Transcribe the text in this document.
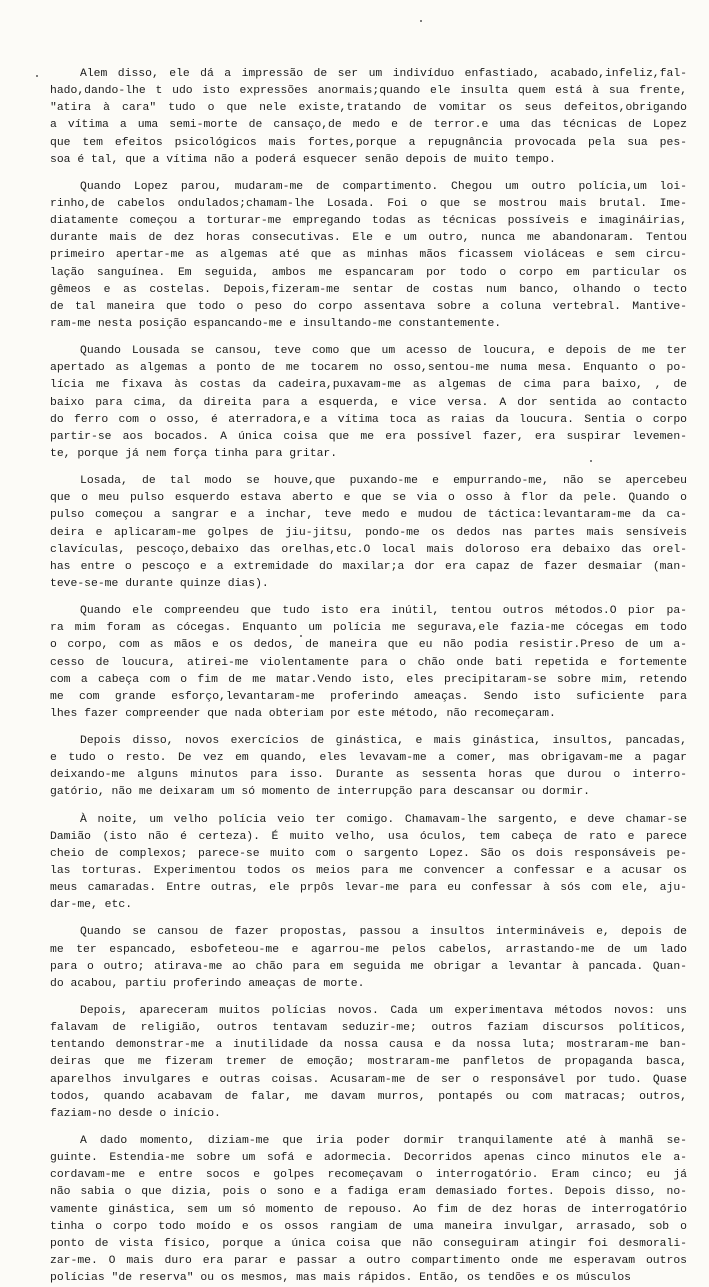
Alem disso, ele dá a impressão de ser um indivíduo enfastiado, acabado,infeliz,fal-
hado,dando-lhe t udo isto expressões anormais;quando ele insulta quem está à sua frente,
"atira à cara" tudo o que nele existe,tratando de vomitar os seus defeitos,obrigando
a vítima a uma semi-morte de cansaço,de medo e de terror.e uma das técnicas de Lopez
que tem efeitos psicológicos mais fortes,porque a repugnância provocada pela sua pes-
soa é tal, que a vítima não a poderá esquecer senão depois de muito tempo.
Quando Lopez parou, mudaram-me de compartimento. Chegou um outro polícia,um loi-
rinho,de cabelos ondulados;chamam-lhe Losada. Foi o que se mostrou mais brutal. Ime-
diatamente começou a torturar-me empregando todas as técnicas possíveis e imagináirias,
durante mais de dez horas consecutivas. Ele e um outro, nunca me abandonaram. Tentou
primeiro apertar-me as algemas até que as minhas mãos ficassem violáceas e sem circu-
lação sanguínea. Em seguida, ambos me espancaram por todo o corpo em particular os
gêmeos e as costelas. Depois,fizeram-me sentar de costas num banco, olhando o tecto
de tal maneira que todo o peso do corpo assentava sobre a coluna vertebral. Mantive-
ram-me nesta posição espancando-me e insultando-me constantemente.
Quando Lousada se cansou, teve como que um acesso de loucura, e depois de me ter
apertado as algemas a ponto de me tocarem no osso,sentou-me numa mesa. Enquanto o po-
lícia me fixava às costas da cadeira,puxavam-me as algemas de cima para baixo, , de
baixo para cima, da direita para a esquerda, e vice versa. A dor sentida ao contacto
do ferro com o osso, é aterradora,e a vítima toca as raias da loucura. Sentia o corpo
partir-se aos bocados. A única coisa que me era possível fazer, era suspirar levemen-
te, porque já nem força tinha para gritar.
Losada, de tal modo se houve,que puxando-me e empurrando-me, não se apercebeu
que o meu pulso esquerdo estava aberto e que se via o osso à flor da pele. Quando o
pulso começou a sangrar e a inchar, teve medo e mudou de táctica:levantaram-me da ca-
deira e aplicaram-me golpes de jiu-jitsu, pondo-me os dedos nas partes mais sensíveis
clavículas, pescoço,debaixo das orelhas,etc.O local mais doloroso era debaixo das orel-
has entre o pescoço e a extremidade do maxilar;a dor era capaz de fazer desmaiar (man-
teve-se-me durante quinze dias).
Quando ele compreendeu que tudo isto era inútil, tentou outros métodos.O pior pa-
ra mim foram as cócegas. Enquanto um polícia me segurava,ele fazia-me cócegas em todo
o corpo, com as mãos e os dedos, de maneira que eu não podia resistir.Preso de um a-
cesso de loucura, atirei-me violentamente para o chão onde bati repetida e fortemente
com a cabeça com o fim de me matar.Vendo isto, eles precipitaram-se sobre mim, retendo
me com grande esforço,levantaram-me proferindo ameaças. Sendo isto suficiente para
lhes fazer compreender que nada obteriam por este método, não recomeçaram.
Depois disso, novos exercícios de ginástica, e mais ginástica, insultos, pancadas,
e tudo o resto. De vez em quando, eles levavam-me a comer, mas obrigavam-me a pagar
deixando-me alguns minutos para isso. Durante as sessenta horas que durou o interro-
gatório, não me deixaram um só momento de interrupção para descansar ou dormir.
À noite, um velho polícia veio ter comigo. Chamavam-lhe sargento, e deve chamar-se
Damião (isto não é certeza). É muito velho, usa óculos, tem cabeça de rato e parece
cheio de complexos; parece-se muito com o sargento Lopez. São os dois responsáveis pe-
las torturas. Experimentou todos os meios para me convencer a confessar e a acusar os
meus camaradas. Entre outras, ele prpôs levar-me para eu confessar à sós com ele, aju-
dar-me, etc.
Quando se cansou de fazer propostas, passou a insultos intermináveis e, depois de
me ter espancado, esbofeteou-me e agarrou-me pelos cabelos, arrastando-me de um lado
para o outro; atirava-me ao chão para em seguida me obrigar a levantar à pancada. Quan-
do acabou, partiu proferindo ameaças de morte.
Depois, apareceram muitos polícias novos. Cada um experimentava métodos novos: uns
falavam de religião, outros tentavam seduzir-me; outros faziam discursos políticos,
tentando demonstrar-me a inutilidade da nossa causa e da nossa luta; mostraram-me ban-
deiras que me fizeram tremer de emoção; mostraram-me panfletos de propaganda basca,
aparelhos invulgares e outras coisas. Acusaram-me de ser o responsável por tudo. Quase
todos, quando acabavam de falar, me davam murros, pontapés ou com matracas; outros,
faziam-no desde o início.
A dado momento, diziam-me que iria poder dormir tranquilamente até à manhã se-
guinte. Estendia-me sobre um sofá e adormecia. Decorridos apenas cinco minutos ele a-
cordavam-me e entre socos e golpes recomeçavam o interrogatório. Eram cinco; eu já
não sabia o que dizia, pois o sono e a fadiga eram demasiado fortes. Depois disso, no-
vamente ginástica, sem um só momento de repouso. Ao fim de dez horas de interrogatório
tinha o corpo todo moído e os ossos rangiam de uma maneira invulgar, arrasado, sob o
ponto de vista físico, porque a única coisa que não conseguiram atingir foi desmorali-
zar-me. O mais duro era parar e passar a outro compartimento onde me esperavam outros
polícias "de reserva" ou os mesmos, mas mais rápidos. Então, os tendões e os músculos
